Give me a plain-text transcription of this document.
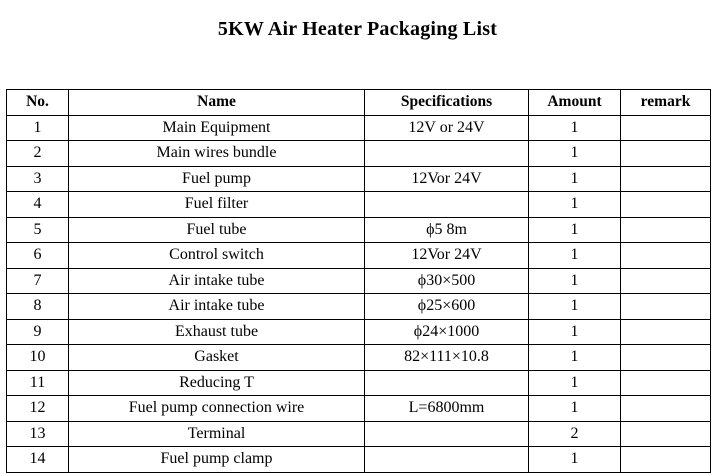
5KW Air Heater Packaging List
No.	Name	Specifications	Amount	remark
1	Main Equipment	12V or 24V	1	
2	Main wires bundle		1	
3	Fuel pump	12Vor 24V	1	
4	Fuel filter		1	
5	Fuel tube	ϕ5 8m	1	
6	Control switch	12Vor 24V	1	
7	Air intake tube	ϕ30×500	1	
8	Air intake tube	ϕ25×600	1	
9	Exhaust tube	ϕ24×1000	1	
10	Gasket	82×111×10.8	1	
11	Reducing T		1	
12	Fuel pump connection wire	L=6800mm	1	
13	Terminal		2	
14	Fuel pump clamp		1	
